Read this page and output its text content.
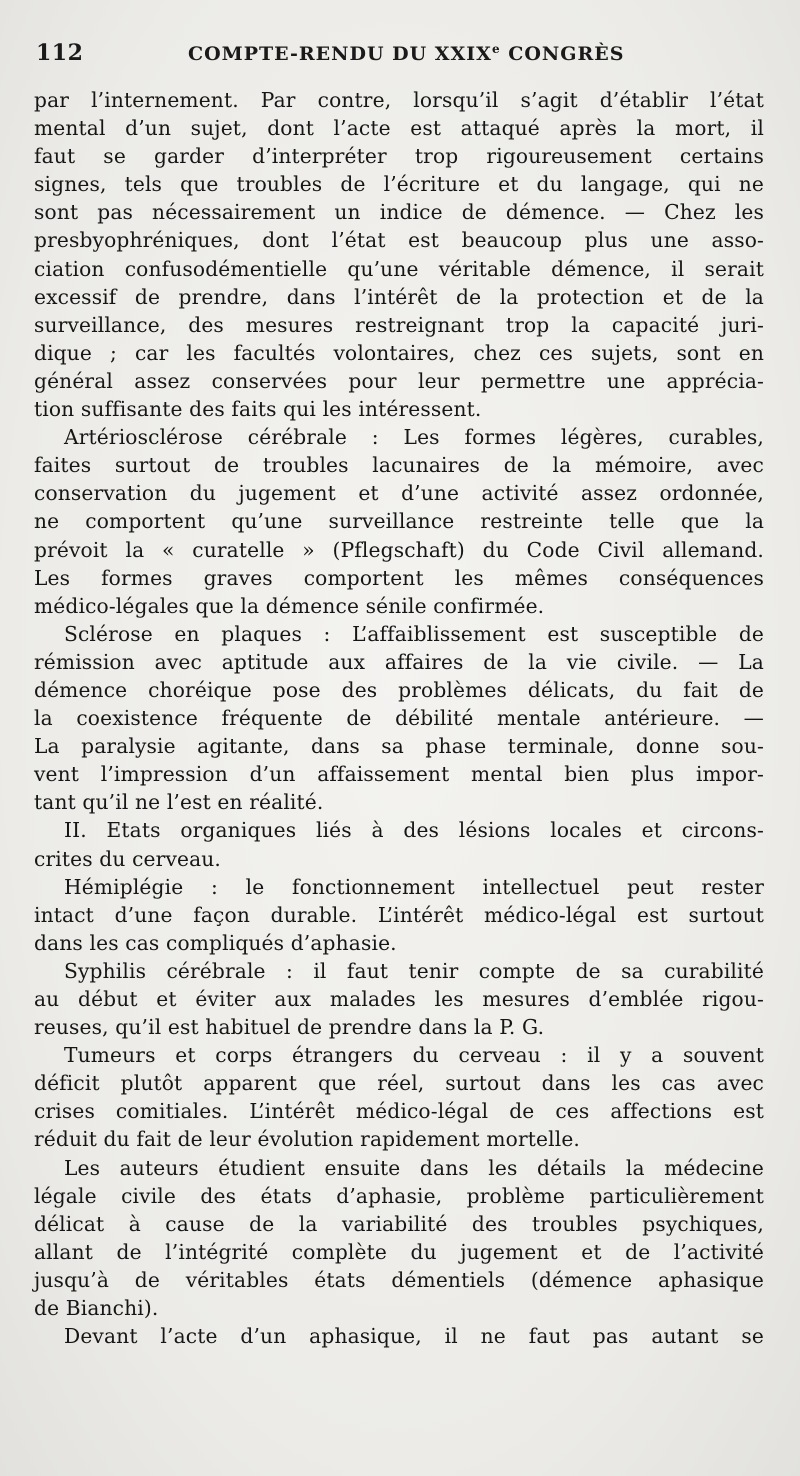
112	COMPTE-RENDU DU XXIXe CONGRÈS
par l’internement. Par contre, lorsqu’il s’agit d’établir l’état
mental d’un sujet, dont l’acte est attaqué après la mort, il
faut se garder d’interpréter trop rigoureusement certains
signes, tels que troubles de l’écriture et du langage, qui ne
sont pas nécessairement un indice de démence. — Chez les
presbyophréniques, dont l’état est beaucoup plus une asso-
ciation confusodémentielle qu’une véritable démence, il serait
excessif de prendre, dans l’intérêt de la protection et de la
surveillance, des mesures restreignant trop la capacité juri-
dique ; car les facultés volontaires, chez ces sujets, sont en
général assez conservées pour leur permettre une apprécia-
tion suffisante des faits qui les intéressent.
Artériosclérose cérébrale : Les formes légères, curables,
faites surtout de troubles lacunaires de la mémoire, avec
conservation du jugement et d’une activité assez ordonnée,
ne comportent qu’une surveillance restreinte telle que la
prévoit la « curatelle » (Pflegschaft) du Code Civil allemand.
Les formes graves comportent les mêmes conséquences
médico-légales que la démence sénile confirmée.
Sclérose en plaques : L’affaiblissement est susceptible de
rémission avec aptitude aux affaires de la vie civile. — La
démence choréique pose des problèmes délicats, du fait de
la coexistence fréquente de débilité mentale antérieure. —
La paralysie agitante, dans sa phase terminale, donne sou-
vent l’impression d’un affaissement mental bien plus impor-
tant qu’il ne l’est en réalité.
II. Etats organiques liés à des lésions locales et circons-
crites du cerveau.
Hémiplégie : le fonctionnement intellectuel peut rester
intact d’une façon durable. L’intérêt médico-légal est surtout
dans les cas compliqués d’aphasie.
Syphilis cérébrale : il faut tenir compte de sa curabilité
au début et éviter aux malades les mesures d’emblée rigou-
reuses, qu’il est habituel de prendre dans la P. G.
Tumeurs et corps étrangers du cerveau : il y a souvent
déficit plutôt apparent que réel, surtout dans les cas avec
crises comitiales. L’intérêt médico-légal de ces affections est
réduit du fait de leur évolution rapidement mortelle.
Les auteurs étudient ensuite dans les détails la médecine
légale civile des états d’aphasie, problème particulièrement
délicat à cause de la variabilité des troubles psychiques,
allant de l’intégrité complète du jugement et de l’activité
jusqu’à de véritables états démentiels (démence aphasique
de Bianchi).
Devant l’acte d’un aphasique, il ne faut pas autant se
